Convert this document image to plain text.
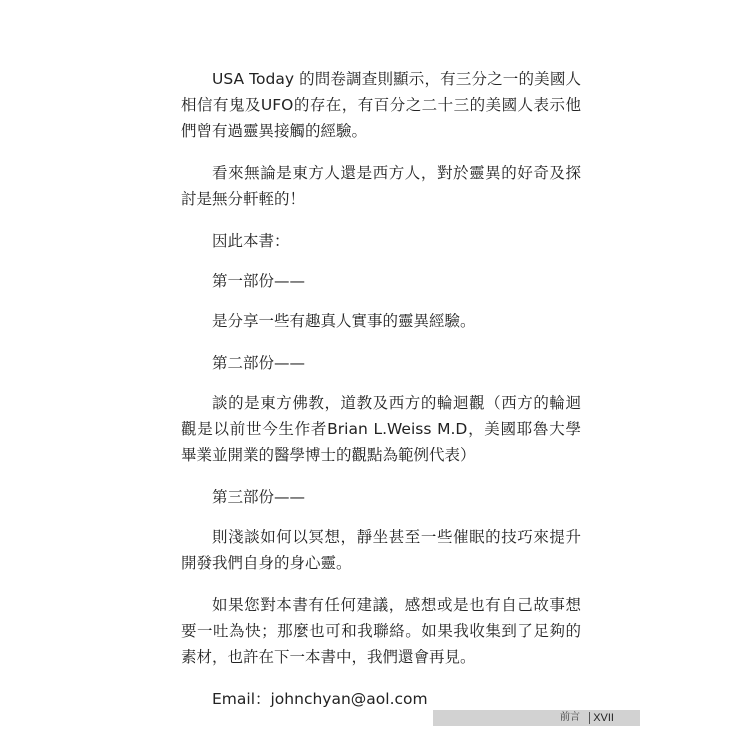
USA Today 的問卷調查則顯示，有三分之一的美國人相信有鬼及UFO的存在，有百分之二十三的美國人表示他們曾有過靈異接觸的經驗。

看來無論是東方人還是西方人，對於靈異的好奇及探討是無分軒輊的！

因此本書：

第一部份——

是分享一些有趣真人實事的靈異經驗。

第二部份——

談的是東方佛教，道教及西方的輪迴觀（西方的輪迴觀是以前世今生作者Brian L.Weiss M.D，美國耶魯大學畢業並開業的醫學博士的觀點為範例代表）

第三部份——

則淺談如何以冥想，靜坐甚至一些催眠的技巧來提升開發我們自身的身心靈。

如果您對本書有任何建議，感想或是也有自己故事想要一吐為快；那麼也可和我聯絡。如果我收集到了足夠的素材，也許在下一本書中，我們還會再見。

Email：johnchyan@aol.com

前言 XVII
